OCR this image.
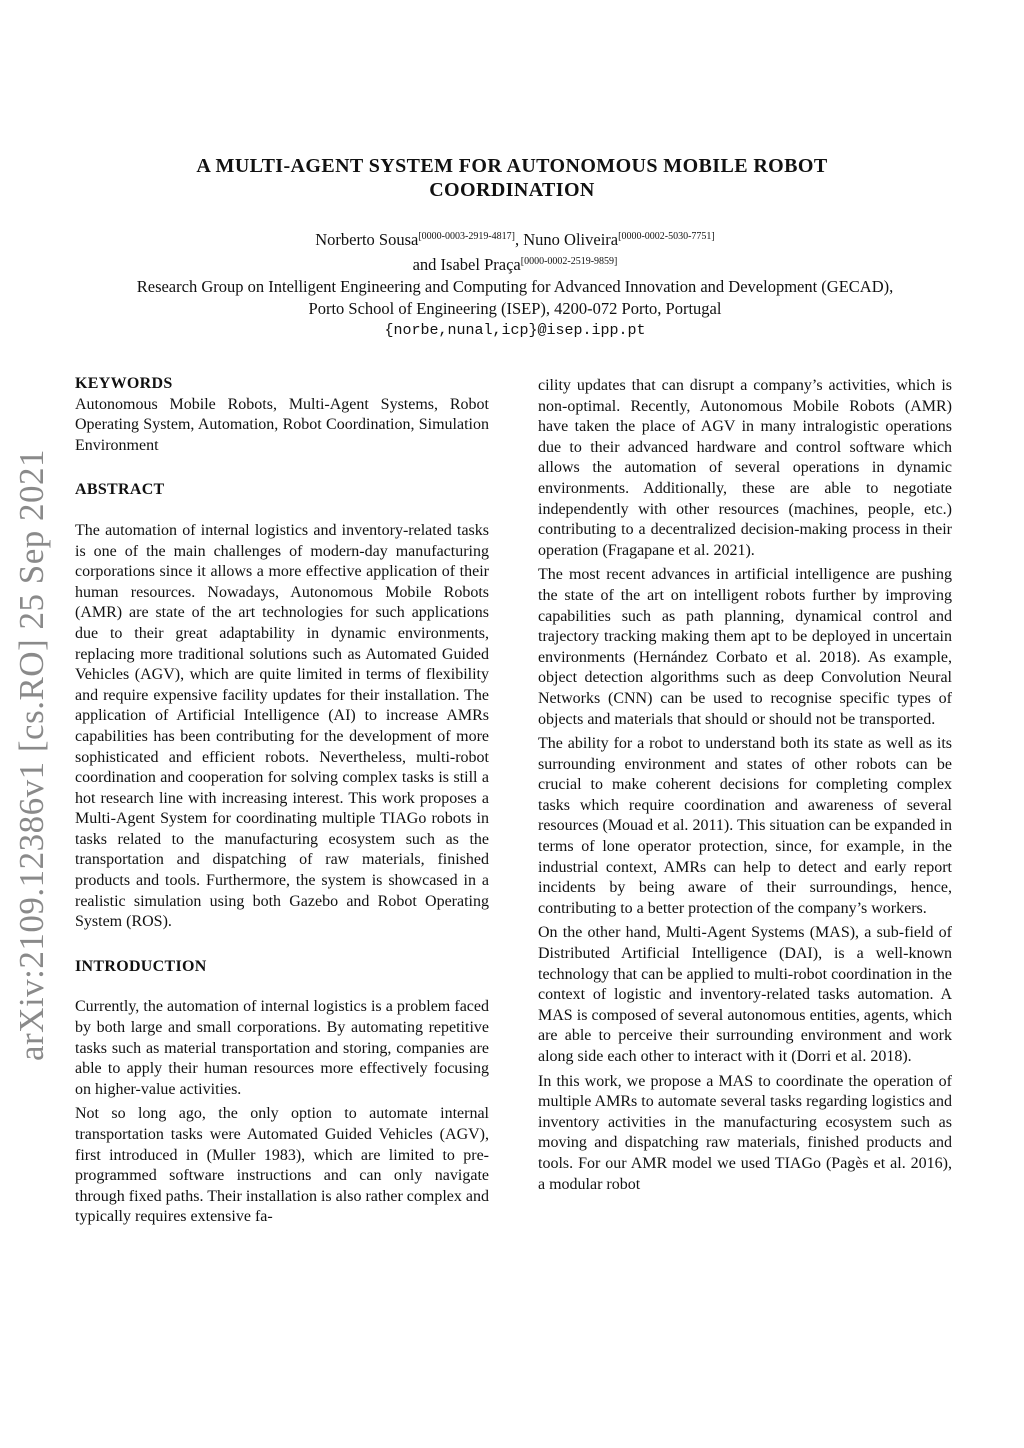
arXiv:2109.12386v1 [cs.RO] 25 Sep 2021
A MULTI-AGENT SYSTEM FOR AUTONOMOUS MOBILE ROBOT COORDINATION
Norberto Sousa[0000-0003-2919-4817], Nuno Oliveira[0000-0002-5030-7751]
and Isabel Praça[0000-0002-2519-9859]
Research Group on Intelligent Engineering and Computing for Advanced Innovation and Development (GECAD),
Porto School of Engineering (ISEP), 4200-072 Porto, Portugal
{norbe,nunal,icp}@isep.ipp.pt
KEYWORDS

Autonomous Mobile Robots, Multi-Agent Systems, Robot Operating System, Automation, Robot Coordination, Simulation Environment

ABSTRACT

The automation of internal logistics and inventory-related tasks is one of the main challenges of modern-day manufacturing corporations since it allows a more effective application of their human resources. Nowadays, Autonomous Mobile Robots (AMR) are state of the art technologies for such applications due to their great adaptability in dynamic environments, replacing more traditional solutions such as Automated Guided Vehicles (AGV), which are quite limited in terms of flexibility and require expensive facility updates for their installation. The application of Artificial Intelligence (AI) to increase AMRs capabilities has been contributing for the development of more sophisticated and efficient robots. Nevertheless, multi-robot coordination and cooperation for solving complex tasks is still a hot research line with increasing interest. This work proposes a Multi-Agent System for coordinating multiple TIAGo robots in tasks related to the manufacturing ecosystem such as the transportation and dispatching of raw materials, finished products and tools. Furthermore, the system is showcased in a realistic simulation using both Gazebo and Robot Operating System (ROS).

INTRODUCTION

Currently, the automation of internal logistics is a problem faced by both large and small corporations. By automating repetitive tasks such as material transportation and storing, companies are able to apply their human resources more effectively focusing on higher-value activities.

Not so long ago, the only option to automate internal transportation tasks were Automated Guided Vehicles (AGV), first introduced in (Muller 1983), which are limited to pre-programmed software instructions and can only navigate through fixed paths. Their installation is also rather complex and typically requires extensive fa-

cility updates that can disrupt a company’s activities, which is non-optimal. Recently, Autonomous Mobile Robots (AMR) have taken the place of AGV in many intralogistic operations due to their advanced hardware and control software which allows the automation of several operations in dynamic environments. Additionally, these are able to negotiate independently with other resources (machines, people, etc.) contributing to a decentralized decision-making process in their operation (Fragapane et al. 2021).

The most recent advances in artificial intelligence are pushing the state of the art on intelligent robots further by improving capabilities such as path planning, dynamical control and trajectory tracking making them apt to be deployed in uncertain environments (Hernández Corbato et al. 2018). As example, object detection algorithms such as deep Convolution Neural Networks (CNN) can be used to recognise specific types of objects and materials that should or should not be transported.

The ability for a robot to understand both its state as well as its surrounding environment and states of other robots can be crucial to make coherent decisions for completing complex tasks which require coordination and awareness of several resources (Mouad et al. 2011). This situation can be expanded in terms of lone operator protection, since, for example, in the industrial context, AMRs can help to detect and early report incidents by being aware of their surroundings, hence, contributing to a better protection of the company’s workers.

On the other hand, Multi-Agent Systems (MAS), a sub-field of Distributed Artificial Intelligence (DAI), is a well-known technology that can be applied to multi-robot coordination in the context of logistic and inventory-related tasks automation. A MAS is composed of several autonomous entities, agents, which are able to perceive their surrounding environment and work along side each other to interact with it (Dorri et al. 2018).

In this work, we propose a MAS to coordinate the operation of multiple AMRs to automate several tasks regarding logistics and inventory activities in the manufacturing ecosystem such as moving and dispatching raw materials, finished products and tools. For our AMR model we used TIAGo (Pagès et al. 2016), a modular robot
